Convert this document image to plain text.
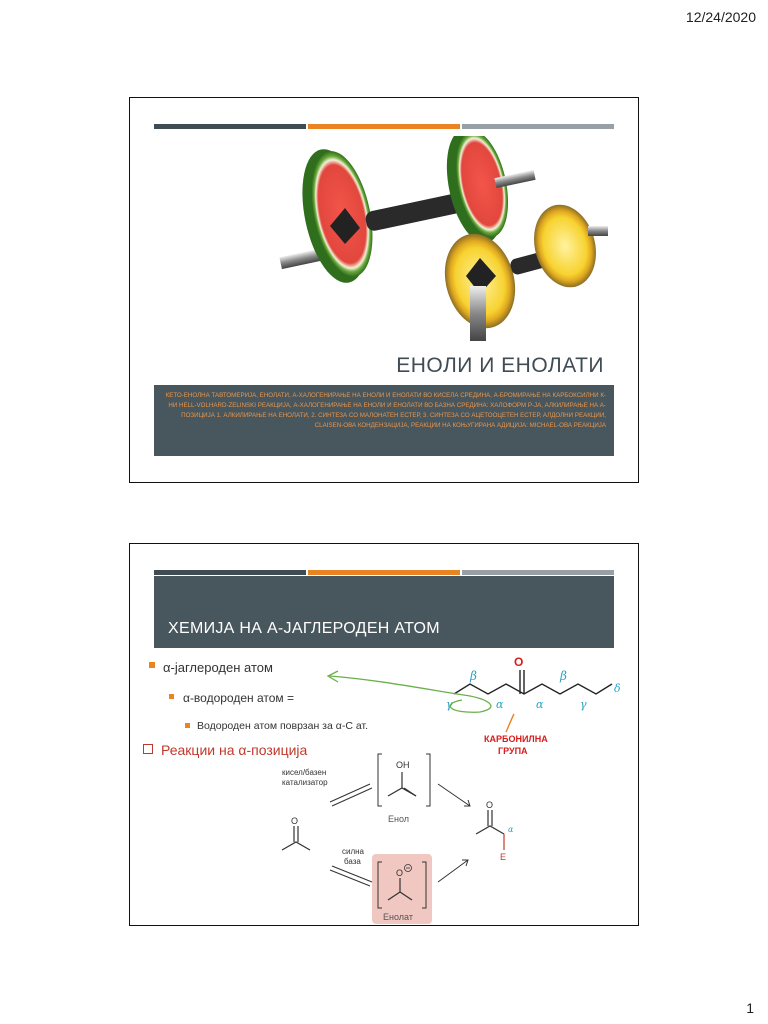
12/24/2020
ЕНОЛИ И ЕНОЛАТИ
КЕТО-ЕНОЛНА ТАВТОМЕРИЈА, ЕНОЛАТИ, Α-ХАЛОГЕНИРАЊЕ НА ЕНОЛИ И ЕНОЛАТИ ВО КИСЕЛА СРЕДИНА, Α-БРОМИРАЊЕ НА КАРБОКСИЛНИ К-НИ HELL-VOLHARD-ZELINSKI РЕАКЦИЈА, Α-ХАЛОГЕНИРАЊЕ НА ЕНОЛИ И ЕНОЛАТИ ВО БАЗНА СРЕДИНА: ХАЛОФОРМ Р-ЈА, АЛКИЛИРАЊЕ НА Α-ПОЗИЦИЈА 1. АЛКИЛИРАЊЕ НА ЕНОЛАТИ, 2. СИНТЕЗА СО МАЛОНАТЕН ЕСТЕР, 3. СИНТЕЗА СО АЦЕТООЦЕТЕН ЕСТЕР, АЛДОЛНИ РЕАКЦИИ, CLAISEN-ОВА КОНДЕНЗАЦИЈА, РЕАКЦИИ НА КОЊУГИРАНА АДИЦИЈА: MICHAEL-ОВА РЕАКЦИЈА
ХЕМИЈА НА Α-ЈАГЛЕРОДЕН АТОМ
α-јаглероден атом
α-водороден атом =
Водороден атом поврзан за α-C ат.
Реакции на α-позиција
O
β	β
γ	α	α	γ
δ
КАРБОНИЛНА
ГРУПА
O
кисел/базен
катализатор
OH
Енол
силна
база
O
Енолат
O
α
E
1
